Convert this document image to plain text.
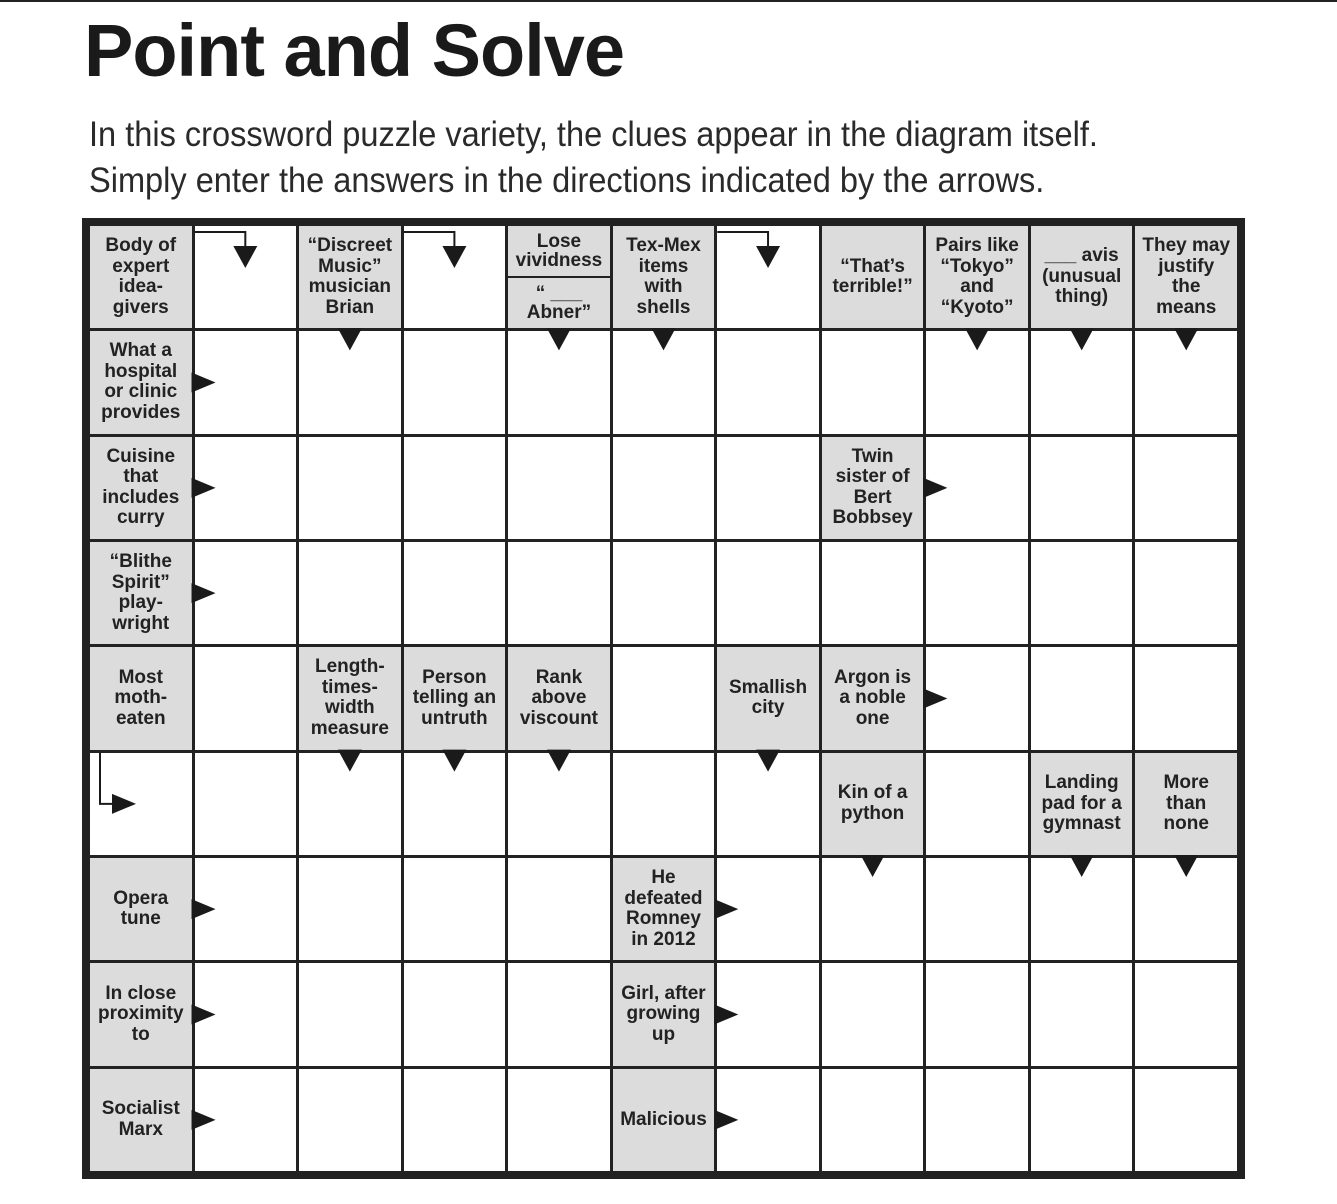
Point and Solve
In this crossword puzzle variety, the clues appear in the diagram itself.
Simply enter the answers in the directions indicated by the arrows.
Body of
expert
idea-
givers
“Discreet
Music”
musician
Brian
Lose
vividness
“ ___
Abner”
Tex-Mex
items
with
shells
“That’s
terrible!”
Pairs like
“Tokyo”
and
“Kyoto”
___ avis
(unusual
thing)
They may
justify
the
means
What a
hospital
or clinic
provides
Cuisine
that
includes
curry
Twin
sister of
Bert
Bobbsey
“Blithe
Spirit”
play-
wright
Most
moth-
eaten
Length-
times-
width
measure
Person
telling an
untruth
Rank
above
viscount
Smallish
city
Argon is
a noble
one
Kin of a
python
Landing
pad for a
gymnast
More
than
none
Opera
tune
He
defeated
Romney
in 2012
In close
proximity
to
Girl, after
growing
up
Socialist
Marx	Malicious
